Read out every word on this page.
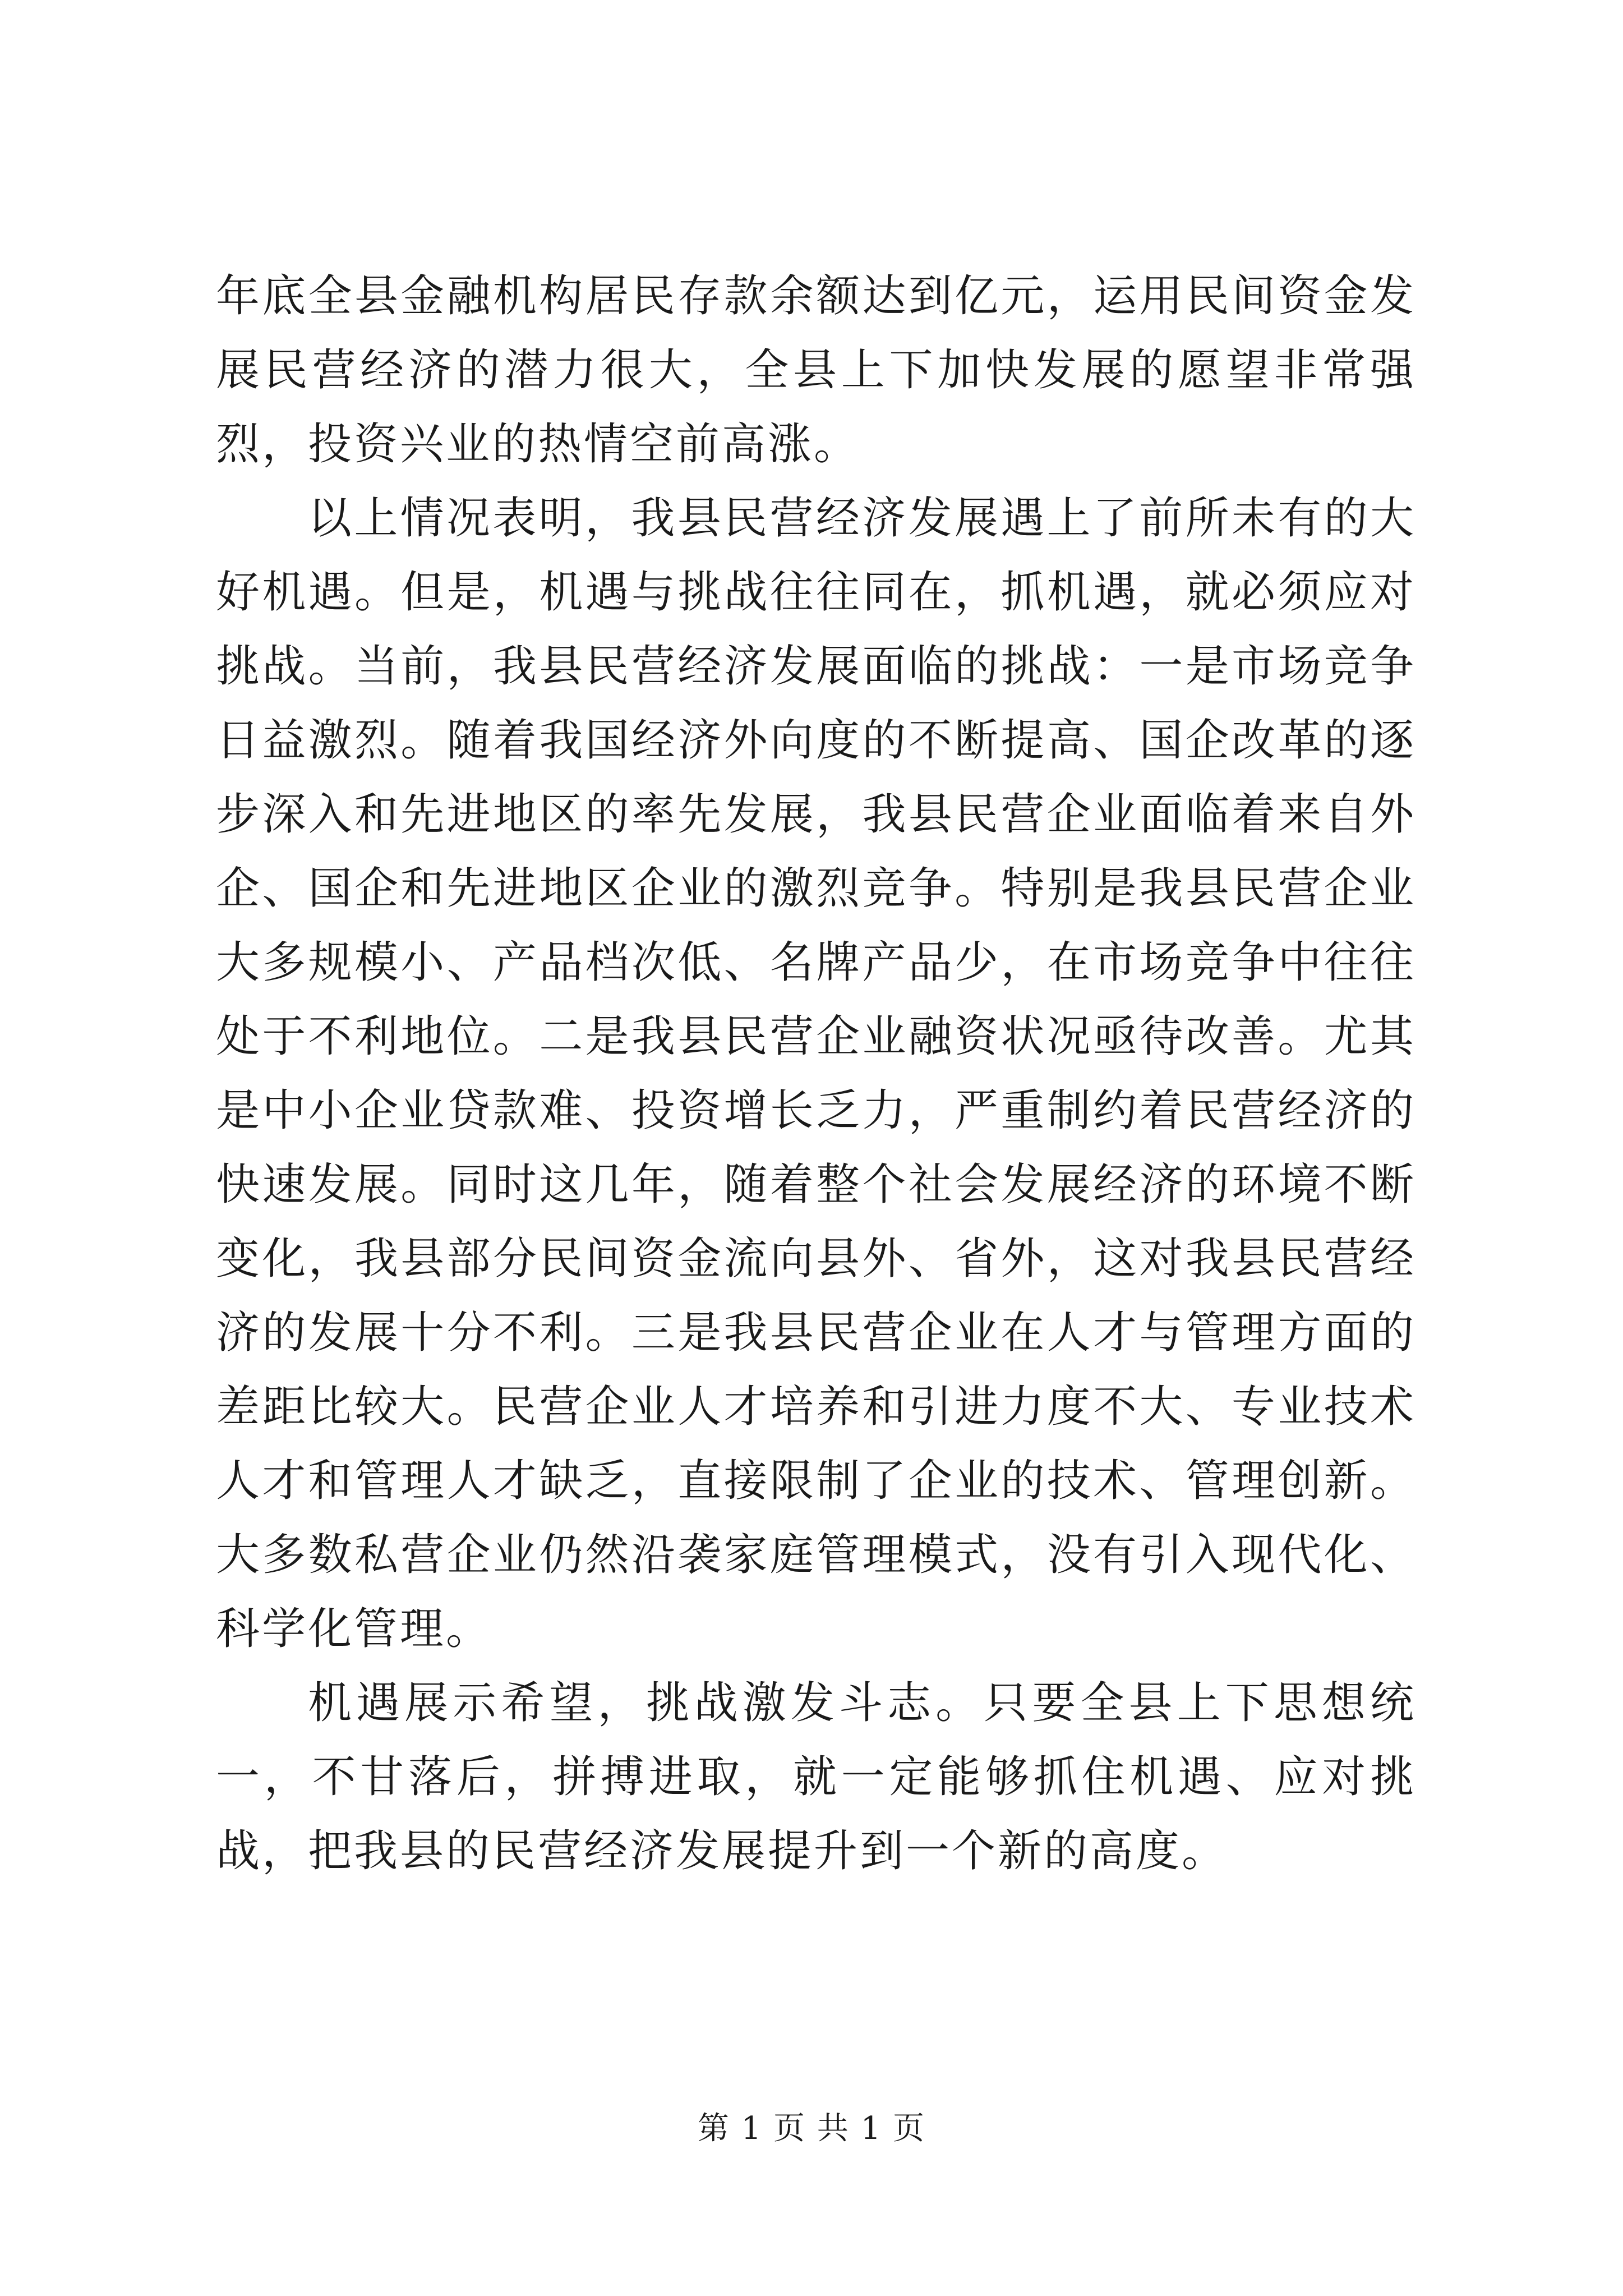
年底全县金融机构居民存款余额达到亿元，运用民间资金发展民营经济的潜力很大，全县上下加快发展的愿望非常强烈，投资兴业的热情空前高涨。

以上情况表明，我县民营经济发展遇上了前所未有的大好机遇。但是，机遇与挑战往往同在，抓机遇，就必须应对挑战。当前，我县民营经济发展面临的挑战：一是市场竞争日益激烈。随着我国经济外向度的不断提高、国企改革的逐步深入和先进地区的率先发展，我县民营企业面临着来自外企、国企和先进地区企业的激烈竞争。特别是我县民营企业大多规模小、产品档次低、名牌产品少，在市场竞争中往往处于不利地位。二是我县民营企业融资状况亟待改善。尤其是中小企业贷款难、投资增长乏力，严重制约着民营经济的快速发展。同时这几年，随着整个社会发展经济的环境不断变化，我县部分民间资金流向县外、省外，这对我县民营经济的发展十分不利。三是我县民营企业在人才与管理方面的差距比较大。民营企业人才培养和引进力度不大、专业技术人才和管理人才缺乏，直接限制了企业的技术、管理创新。大多数私营企业仍然沿袭家庭管理模式，没有引入现代化、科学化管理。

机遇展示希望，挑战激发斗志。只要全县上下思想统一，不甘落后，拼搏进取，就一定能够抓住机遇、应对挑战，把我县的民营经济发展提升到一个新的高度。

第 1 页 共 1 页
